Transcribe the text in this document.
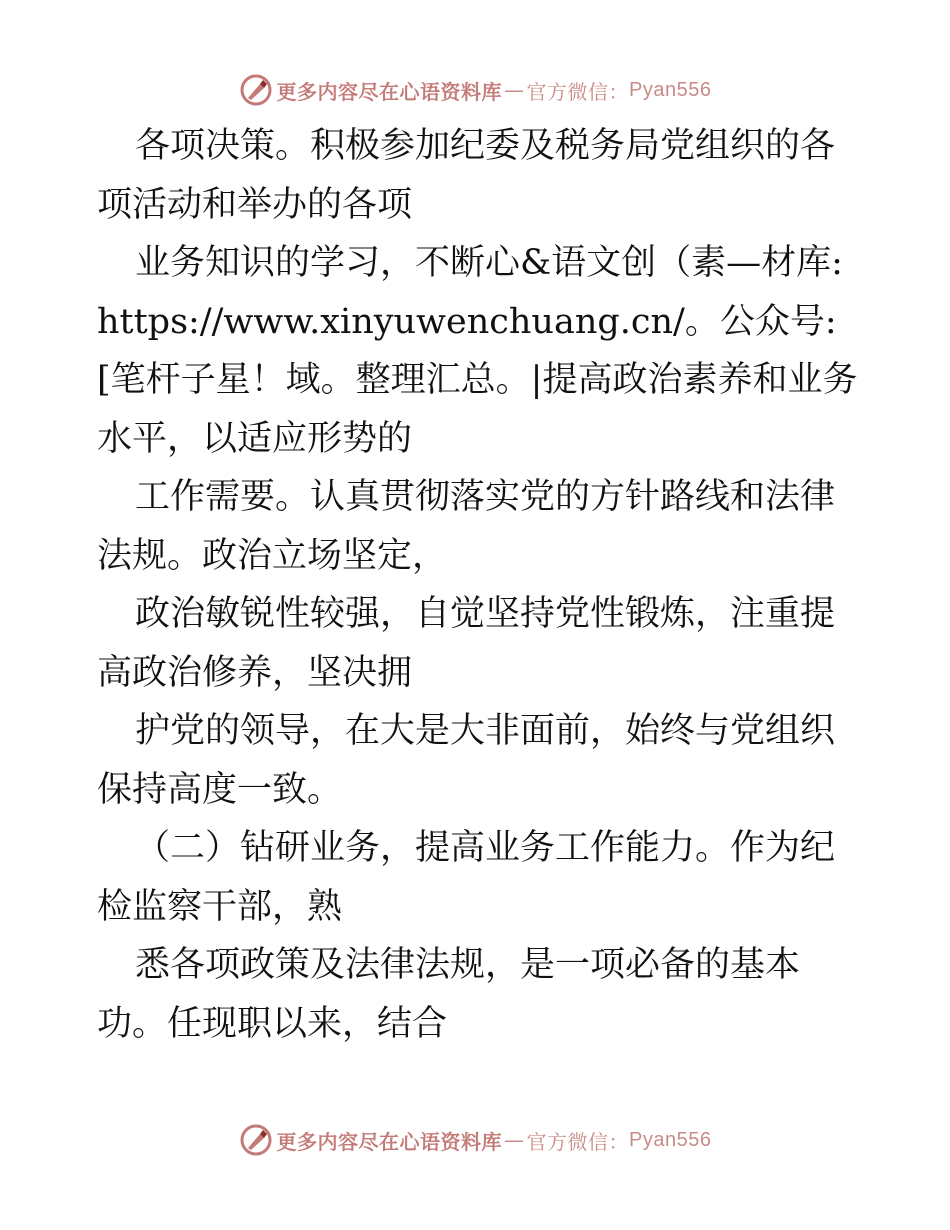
更多内容尽在心语资料库 — 官方微信： Pyan556

各项决策。积极参加纪委及税务局党组织的各项活动和举办的各项

业务知识的学习，不断心&语文创（素—材库: https://www.xinyuwenchuang.cn/。公众号: [笔杆子星！域。整理汇总。|提高政治素养和业务水平，以适应形势的

工作需要。认真贯彻落实党的方针路线和法律法规。政治立场坚定，

政治敏锐性较强，自觉坚持党性锻炼，注重提高政治修养，坚决拥

护党的领导，在大是大非面前，始终与党组织保持高度一致。

（二）钻研业务，提高业务工作能力。作为纪检监察干部，熟

悉各项政策及法律法规，是一项必备的基本功。任现职以来，结合

更多内容尽在心语资料库 — 官方微信： Pyan556
